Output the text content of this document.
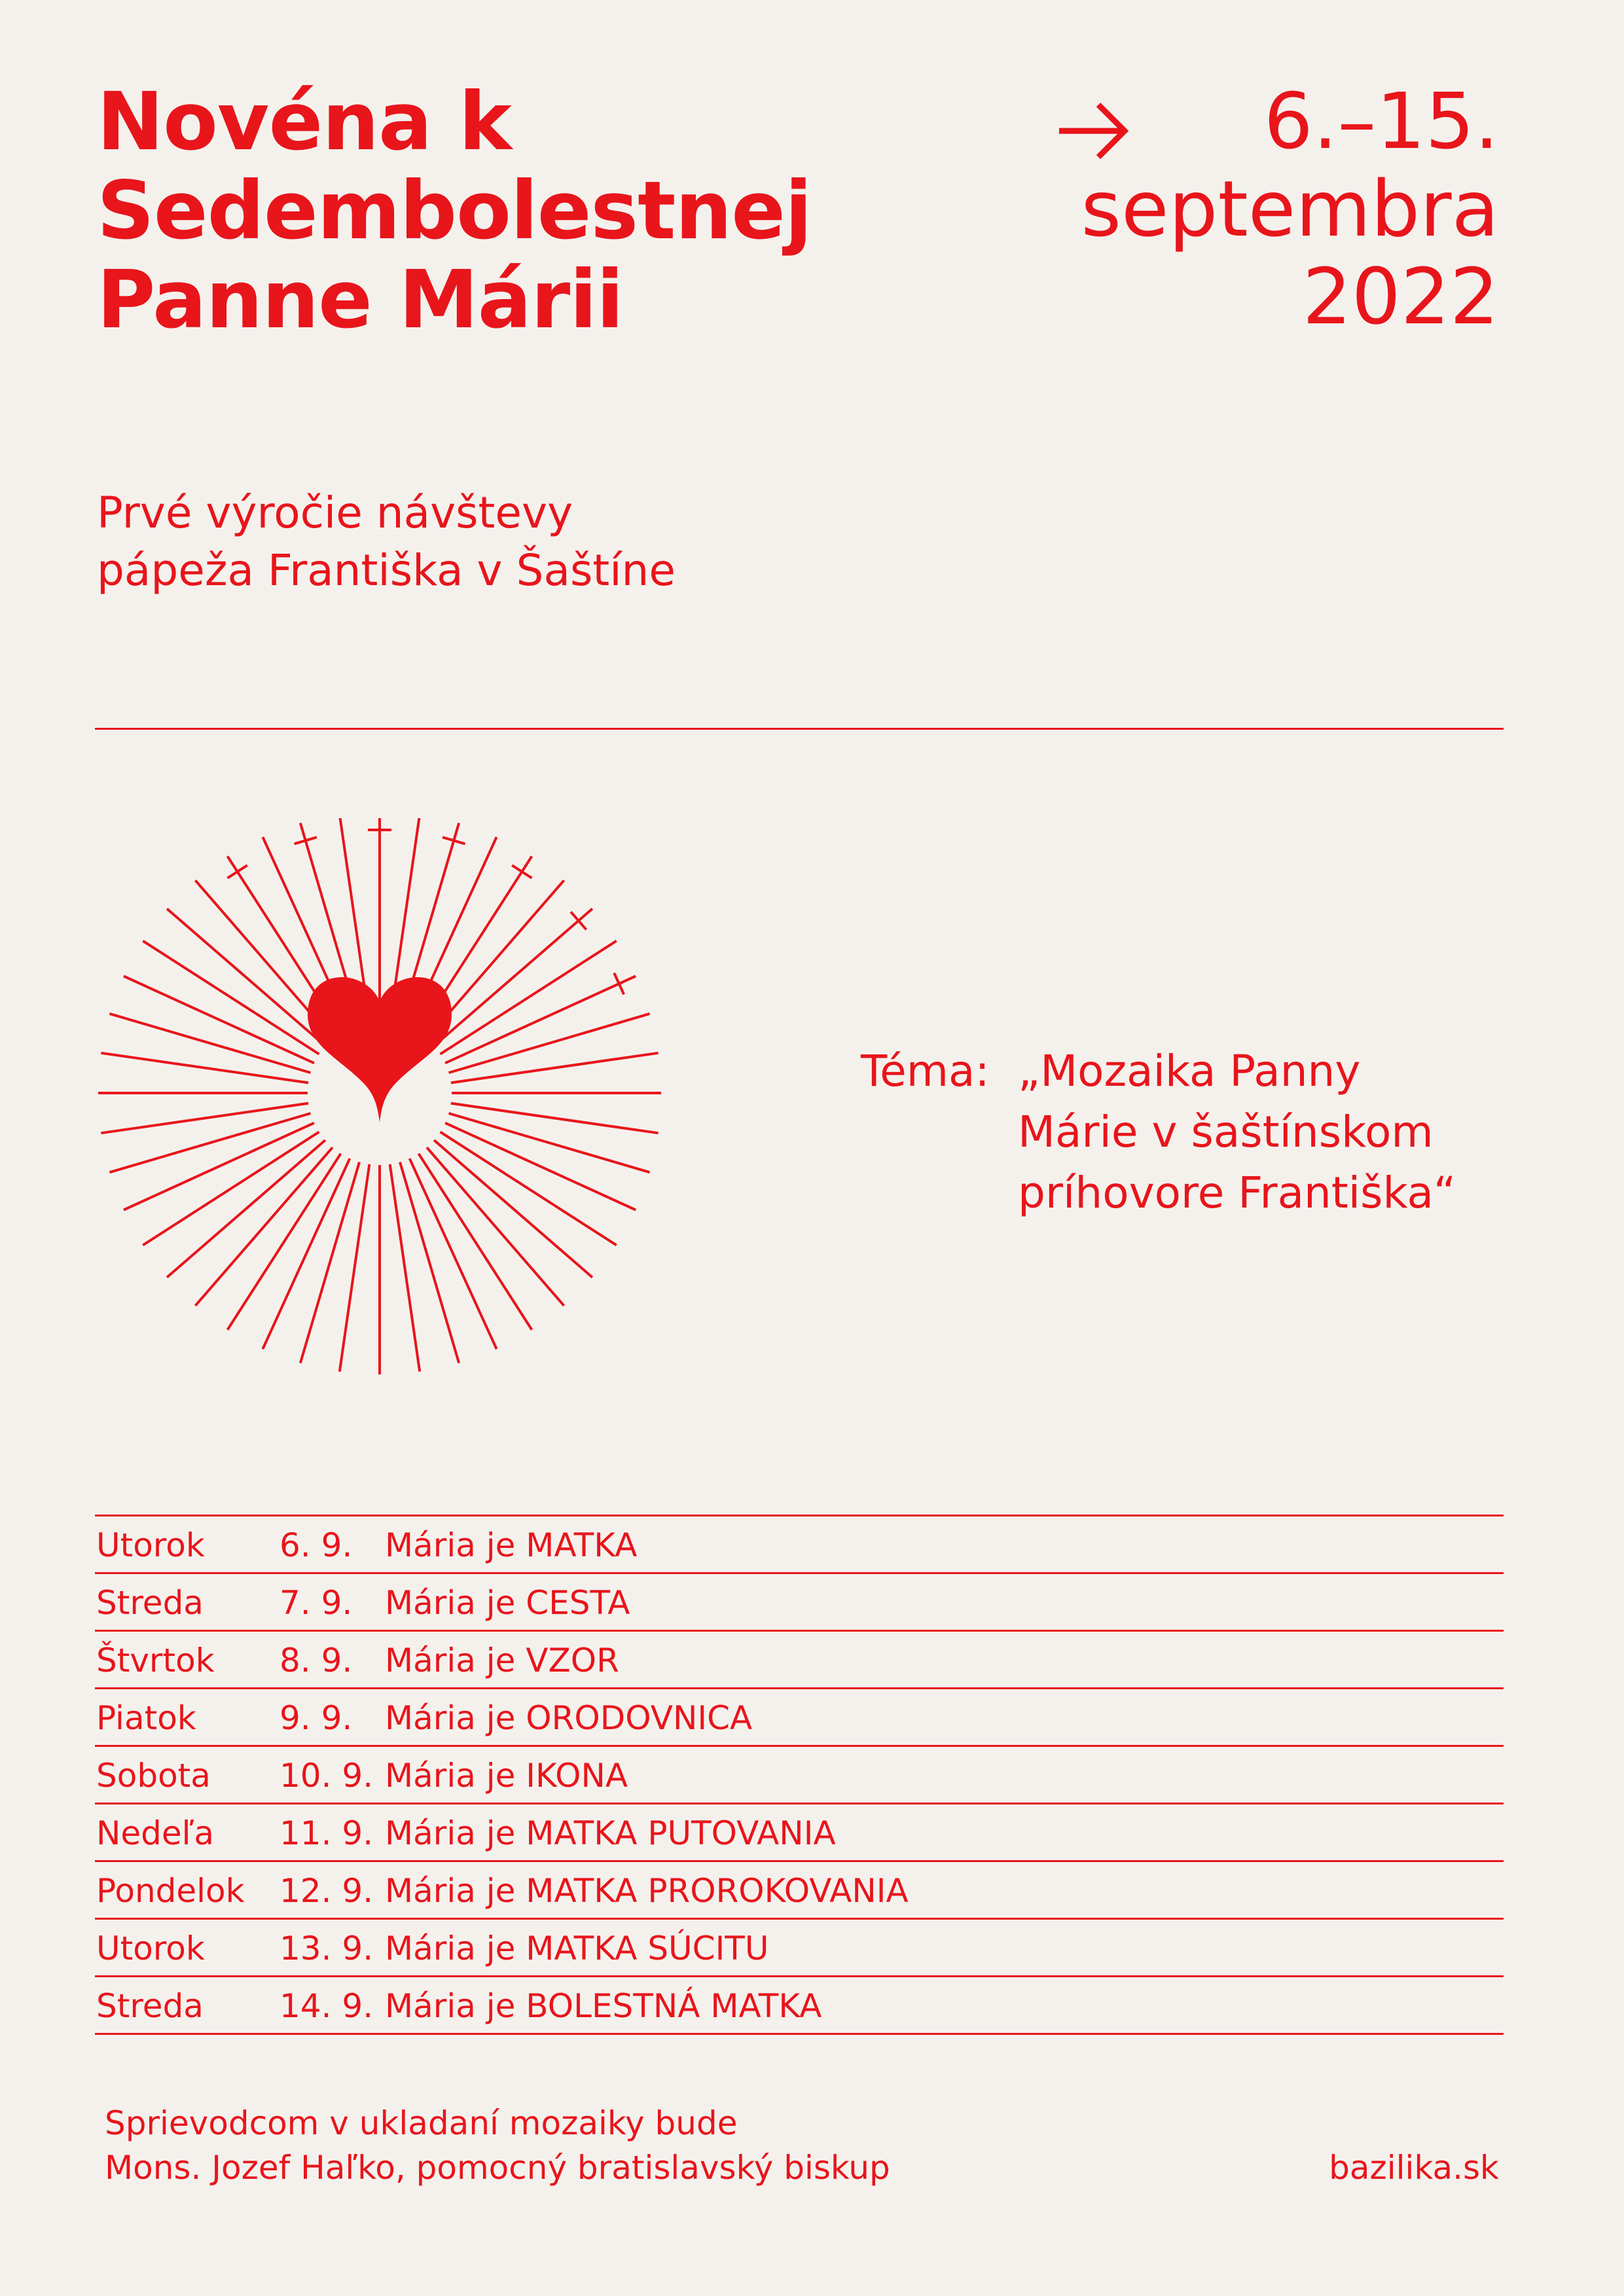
Novéna k
Sedembolestnej
Panne Márii
6.–15.
septembra
2022
Prvé výročie návštevy
pápeža Františka v Šaštíne
Téma: „Mozaika Panny
Márie v šaštínskom
príhovore Františka“
Utorok 6. 9. Mária je MATKA
Streda 7. 9. Mária je CESTA
Štvrtok 8. 9. Mária je VZOR
Piatok	9. 9. Mária je ORODOVNICA
Sobota 10. 9. Mária je IKONA
Nedeľa 11. 9. Mária je MATKA PUTOVANIA
Pondelok 12. 9. Mária je MATKA PROROKOVANIA
Utorok 13. 9. Mária je MATKA SÚCITU
Streda 14. 9. Mária je BOLESTNÁ MATKA
Sprievodcom v ukladaní mozaiky bude
Mons. Jozef Haľko, pomocný bratislavský biskup	bazilika.sk
